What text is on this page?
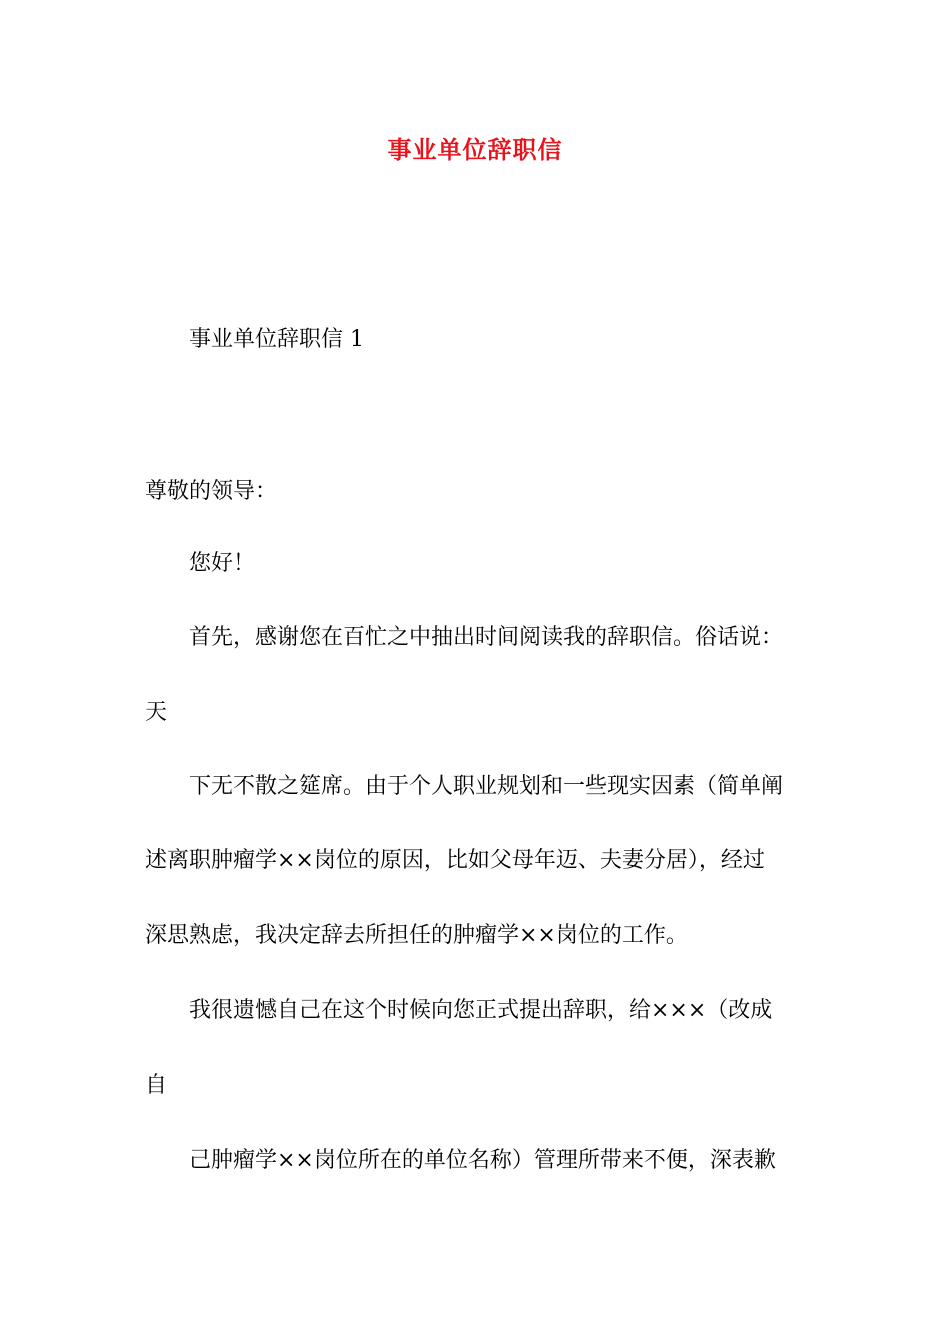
事业单位辞职信

事业单位辞职信 1

尊敬的领导：

您好！

首先，感谢您在百忙之中抽出时间阅读我的辞职信。俗话说：

天

下无不散之筵席。由于个人职业规划和一些现实因素（简单阐

述离职肿瘤学××岗位的原因，比如父母年迈、夫妻分居），经过

深思熟虑，我决定辞去所担任的肿瘤学××岗位的工作。

我很遗憾自己在这个时候向您正式提出辞职，给×××（改成

自

己肿瘤学××岗位所在的单位名称）管理所带来不便，深表歉
